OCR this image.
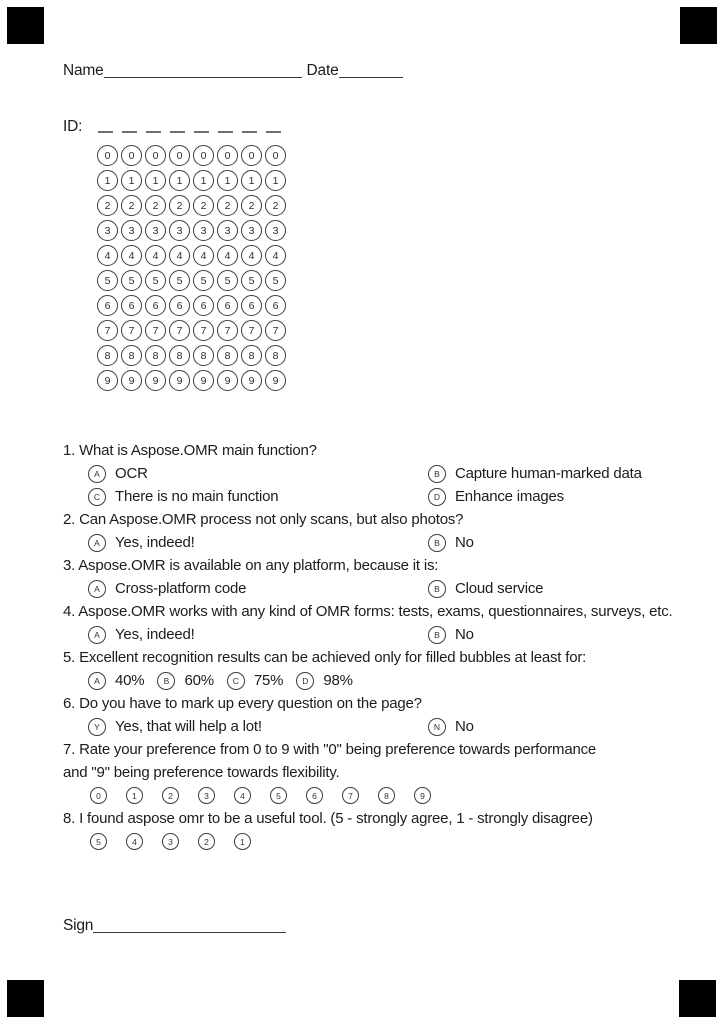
Name	Date
ID:
0	0	0	0	0	0	0	0
1	1	1	1	1	1	1	1
2	2	2	2	2	2	2	2
3	3	3	3	3	3	3	3
4	4	4	4	4	4	4	4
5	5	5	5	5	5	5	5
6	6	6	6	6	6	6	6
7	7	7	7	7	7	7	7
8	8	8	8	8	8	8	8
9	9	9	9	9	9	9	9
1. What is Aspose.OMR main function?
A	OCR	B	Capture human-marked data
C There is no main function	D Enhance images
2. Can Aspose.OMR process not only scans, but also photos?
A	Yes, indeed!	B	No
3. Aspose.OMR is available on any platform, because it is:
A	Cross-platform code	B	Cloud service
4. Aspose.OMR works with any kind of OMR forms: tests, exams, questionnaires, surveys, etc.
A	Yes, indeed!	B	No
5. Excellent recognition results can be achieved only for filled bubbles at least for:
A	40%	B	60%	C 75%	D 98%
6. Do you have to mark up every question on the page?
Y	Yes, that will help a lot!	N No
7. Rate your preference from 0 to 9 with "0" being preference towards performance
and "9" being preference towards flexibility.
0	1	2	3	4	5	6	7	8	9
8. I found aspose omr to be a useful tool. (5 - strongly agree, 1 - strongly disagree)
5	4	3	2	1
Sign
